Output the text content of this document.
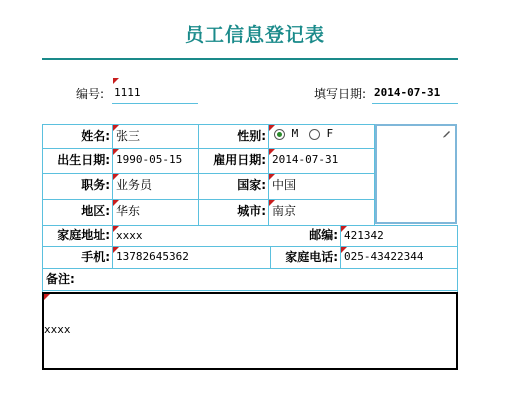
员工信息登记表
编号: 1111	填写日期: 2014-07-31
姓名: 张三	性别:	M	F
出生日期: 1990-05-15	雇用日期: 2014-07-31
职务: 业务员	国家: 中国
地区: 华东	城市: 南京
家庭地址: xxxx	邮编: 421342
手机: 13782645362	家庭电话: 025-43422344
备注:
xxxx
